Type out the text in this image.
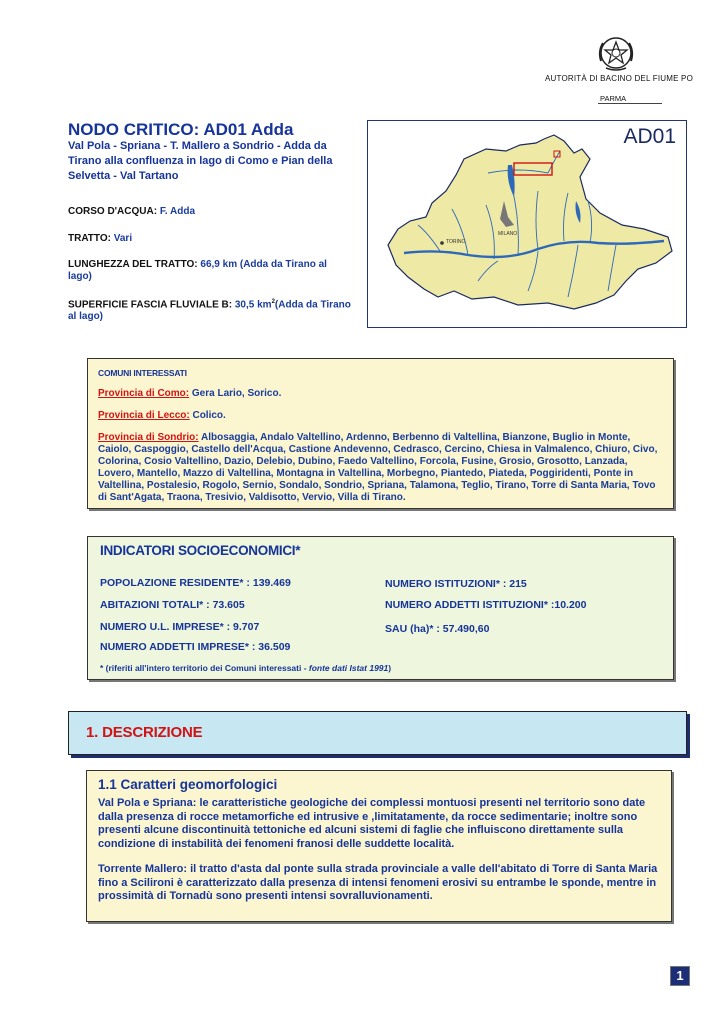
AUTORITÀ DI BACINO DEL FIUME PO
PARMA
NODO CRITICO: AD01 Adda
Val Pola - Spriana - T. Mallero a Sondrio - Adda da Tirano alla confluenza in lago di Como e Pian della Selvetta - Val Tartano
CORSO D'ACQUA: F. Adda
TRATTO: Vari
LUNGHEZZA DEL TRATTO: 66,9 km (Adda da Tirano al lago)
SUPERFICIE FASCIA FLUVIALE B: 30,5 $km^2(Adda$ da Tirano al lago)
AD01
TORINO
MILANO
COMUNI INTERESSATI
Provincia di Como: Gera Lario, Sorico.
Provincia di Lecco: Colico.
Provincia di Sondrio: Albosaggia, Andalo Valtellino, Ardenno, Berbenno di Valtellina, Bianzone, Buglio in Monte, Caiolo, Caspoggio, Castello dell'Acqua, Castione Andevenno, Cedrasco, Cercino, Chiesa in Valmalenco, Chiuro, Civo, Colorina, Cosio Valtellino, Dazio, Delebio, Dubino, Faedo Valtellino, Forcola, Fusine, Grosio, Grosotto, Lanzada, Lovero, Mantello, Mazzo di Valtellina, Montagna in Valtellina, Morbegno, Piantedo, Piateda, Poggiridenti, Ponte in Valtellina, Postalesio, Rogolo, Sernio, Sondalo, Sondrio, Spriana, Talamona, Teglio, Tirano, Torre di Santa Maria, Tovo di Sant'Agata, Traona, Tresivio, Valdisotto, Vervio, Villa di Tirano.
INDICATORI SOCIOECONOMICI*
POPOLAZIONE RESIDENTE* : 139.469
ABITAZIONI TOTALI* : 73.605
NUMERO U.L. IMPRESE* : 9.707
NUMERO ADDETTI IMPRESE* : 36.509
NUMERO ISTITUZIONI* : 215
NUMERO ADDETTI ISTITUZIONI* :10.200
SAU (ha)* : 57.490,60
* (riferiti all'intero territorio dei Comuni interessati - fonte dati Istat 1991)
1. DESCRIZIONE
1.1 Caratteri geomorfologici
Val Pola e Spriana: le caratteristiche geologiche dei complessi montuosi presenti nel territorio sono date dalla presenza di rocce metamorfiche ed intrusive e ,limitatamente, da rocce sedimentarie; inoltre sono presenti alcune discontinuità tettoniche ed alcuni sistemi di faglie che influiscono direttamente sulla condizione di instabilità dei fenomeni franosi delle suddette località.
Torrente Mallero: il tratto d'asta dal ponte sulla strada provinciale a valle dell'abitato di Torre di Santa Maria fino a Scilironi è caratterizzato dalla presenza di intensi fenomeni erosivi su entrambe le sponde, mentre in prossimità di Tornadù sono presenti intensi sovralluvionamenti.
1
